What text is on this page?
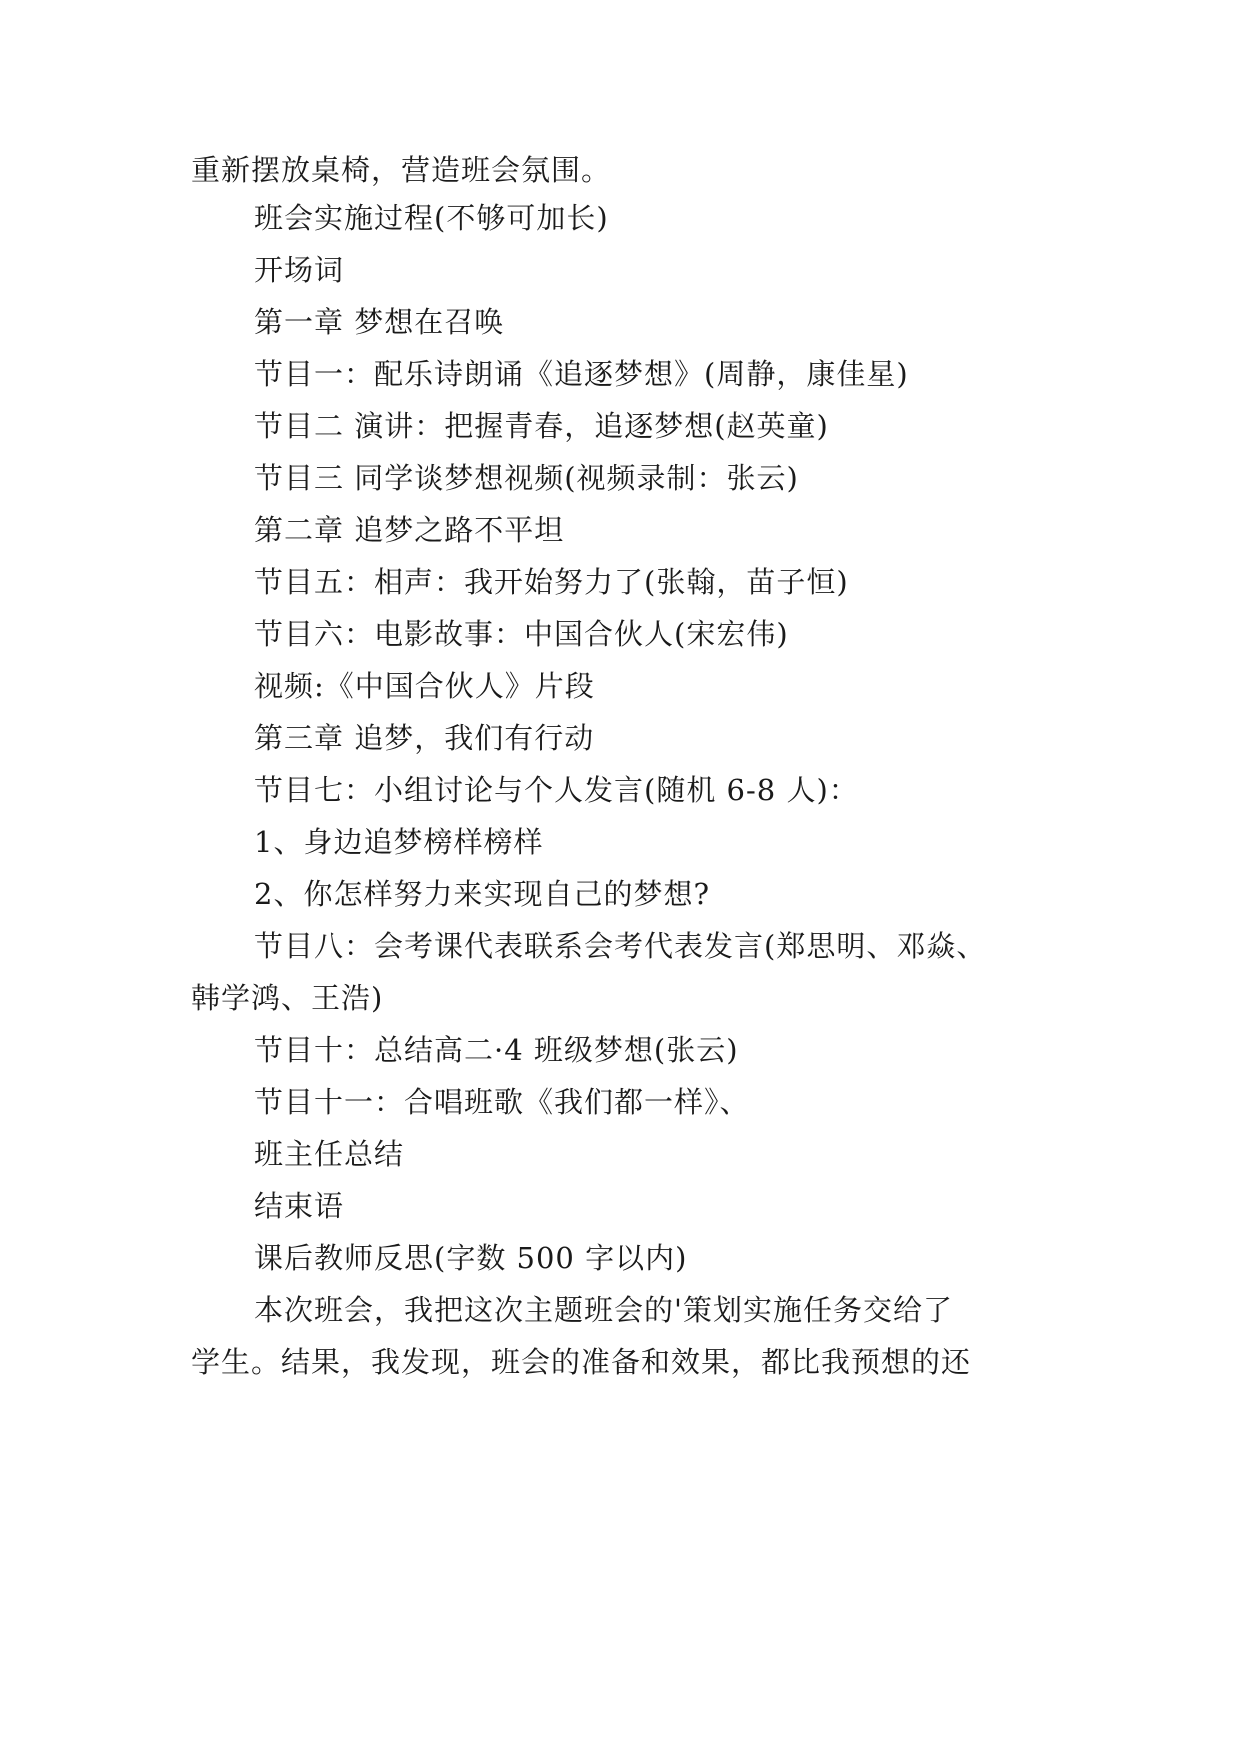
重新摆放桌椅，营造班会氛围。
班会实施过程(不够可加长)
开场词
第一章 梦想在召唤
节目一：配乐诗朗诵《追逐梦想》(周静，康佳星)
节目二 演讲：把握青春，追逐梦想(赵英童)
节目三 同学谈梦想视频(视频录制：张云)
第二章 追梦之路不平坦
节目五：相声：我开始努力了(张翰，苗子恒)
节目六：电影故事：中国合伙人(宋宏伟)
视频:《中国合伙人》片段
第三章 追梦，我们有行动
节目七：小组讨论与个人发言(随机 6-8 人)：
1、身边追梦榜样榜样
2、你怎样努力来实现自己的梦想?
节目八：会考课代表联系会考代表发言(郑思明、邓焱、
韩学鸿、王浩)
节目十：总结高二·4 班级梦想(张云)
节目十一：合唱班歌《我们都一样》、
班主任总结
结束语
课后教师反思(字数 500 字以内)
本次班会，我把这次主题班会的'策划实施任务交给了
学生。结果，我发现，班会的准备和效果，都比我预想的还
